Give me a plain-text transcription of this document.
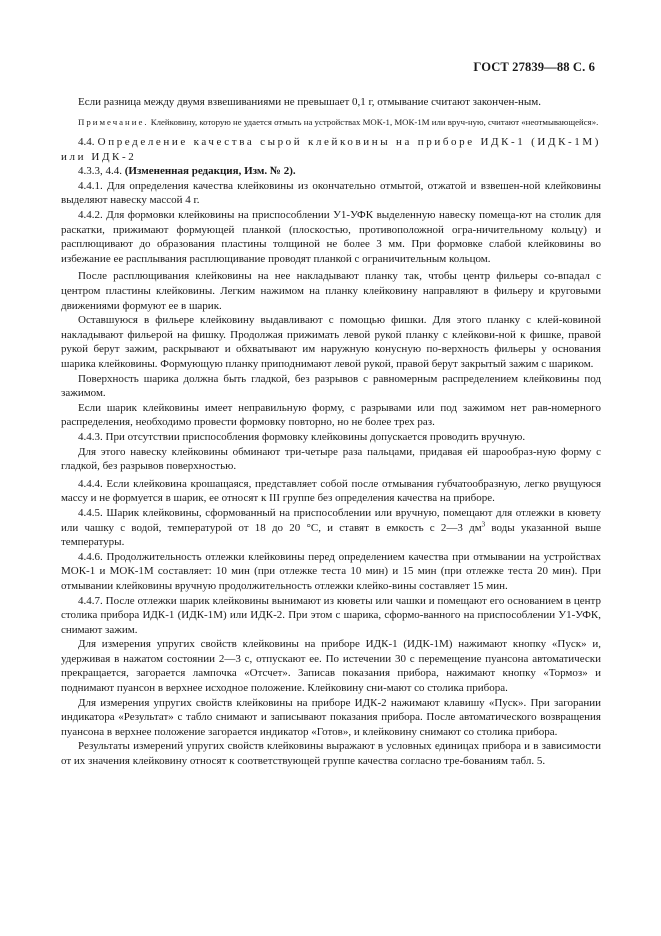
ГОСТ 27839—88 С. 6

Если разница между двумя взвешиваниями не превышает 0,1 г, отмывание считают закончен-ным.

Примечание. Клейковину, которую не удается отмыть на устройствах МОК-1, МОК-1М или вруч-ную, считают «неотмывающейся».

4.4. Определение качества сырой клейковины на приборе ИДК-1 (ИДК-1М) или ИДК-2

4.3.3, 4.4. (Измененная редакция, Изм. № 2).

4.4.1. Для определения качества клейковины из окончательно отмытой, отжатой и взвешен-ной клейковины выделяют навеску массой 4 г.

4.4.2. Для формовки клейковины на приспособлении У1-УФК выделенную навеску помеща-ют на столик для раскатки, прижимают формующей планкой (плоскостью, противоположной огра-ничительному кольцу) и расплющивают до образования пластины толщиной не более 3 мм. При формовке слабой клейковины во избежание ее расплывания расплющивание проводят планкой с ограничительным кольцом.

После расплющивания клейковины на нее накладывают планку так, чтобы центр фильеры со-впадал с центром пластины клейковины. Легким нажимом на планку клейковину направляют в фильеру и круговыми движениями формуют ее в шарик.

Оставшуюся в фильере клейковину выдавливают с помощью фишки. Для этого планку с клей-ковиной накладывают фильерой на фишку. Продолжая прижимать левой рукой планку с клейкови-ной к фишке, правой рукой берут зажим, раскрывают и обхватывают им наружную конусную по-верхность фильеры у основания шарика клейковины. Формующую планку приподнимают левой рукой, правой берут закрытый зажим с шариком.

Поверхность шарика должна быть гладкой, без разрывов с равномерным распределением клейковины под зажимом.

Если шарик клейковины имеет неправильную форму, с разрывами или под зажимом нет рав-номерного распределения, необходимо провести формовку повторно, но не более трех раз.

4.4.3. При отсутствии приспособления формовку клейковины допускается проводить вручную.

Для этого навеску клейковины обминают три-четыре раза пальцами, придавая ей шарообраз-ную форму с гладкой, без разрывов поверхностью.

4.4.4. Если клейковина крошащаяся, представляет собой после отмывания губчатообразную, легко рвущуюся массу и не формуется в шарик, ее относят к III группе без определения качества на приборе.

4.4.5. Шарик клейковины, сформованный на приспособлении или вручную, помещают для отлежки в кювету или чашку с водой, температурой от 18 до 20 °С, и ставят в емкость с 2—3 $дм^3$ воды указанной выше температуры.

4.4.6. Продолжительность отлежки клейковины перед определением качества при отмывании на устройствах МОК-1 и МОК-1М составляет: 10 мин (при отлежке теста 10 мин) и 15 мин (при отлежке теста 20 мин). При отмывании клейковины вручную продолжительность отлежки клейко-вины составляет 15 мин.

4.4.7. После отлежки шарик клейковины вынимают из кюветы или чашки и помещают его основанием в центр столика прибора ИДК-1 (ИДК-1М) или ИДК-2. При этом с шарика, сформо-ванного на приспособлении У1-УФК, снимают зажим.

Для измерения упругих свойств клейковины на приборе ИДК-1 (ИДК-1М) нажимают кнопку «Пуск» и, удерживая в нажатом состоянии 2—3 с, отпускают ее. По истечении 30 с перемещение пуансона автоматически прекращается, загорается лампочка «Отсчет». Записав показания прибора, нажимают кнопку «Тормоз» и поднимают пуансон в верхнее исходное положение. Клейковину сни-мают со столика прибора.

Для измерения упругих свойств клейковины на приборе ИДК-2 нажимают клавишу «Пуск». При загорании индикатора «Результат» с табло снимают и записывают показания прибора. После автоматического возвращения пуансона в верхнее положение загорается индикатор «Готов», и клейковину снимают со столика прибора.

Результаты измерений упругих свойств клейковины выражают в условных единицах прибора и в зависимости от их значения клейковину относят к соответствующей группе качества согласно тре-бованиям табл. 5.
